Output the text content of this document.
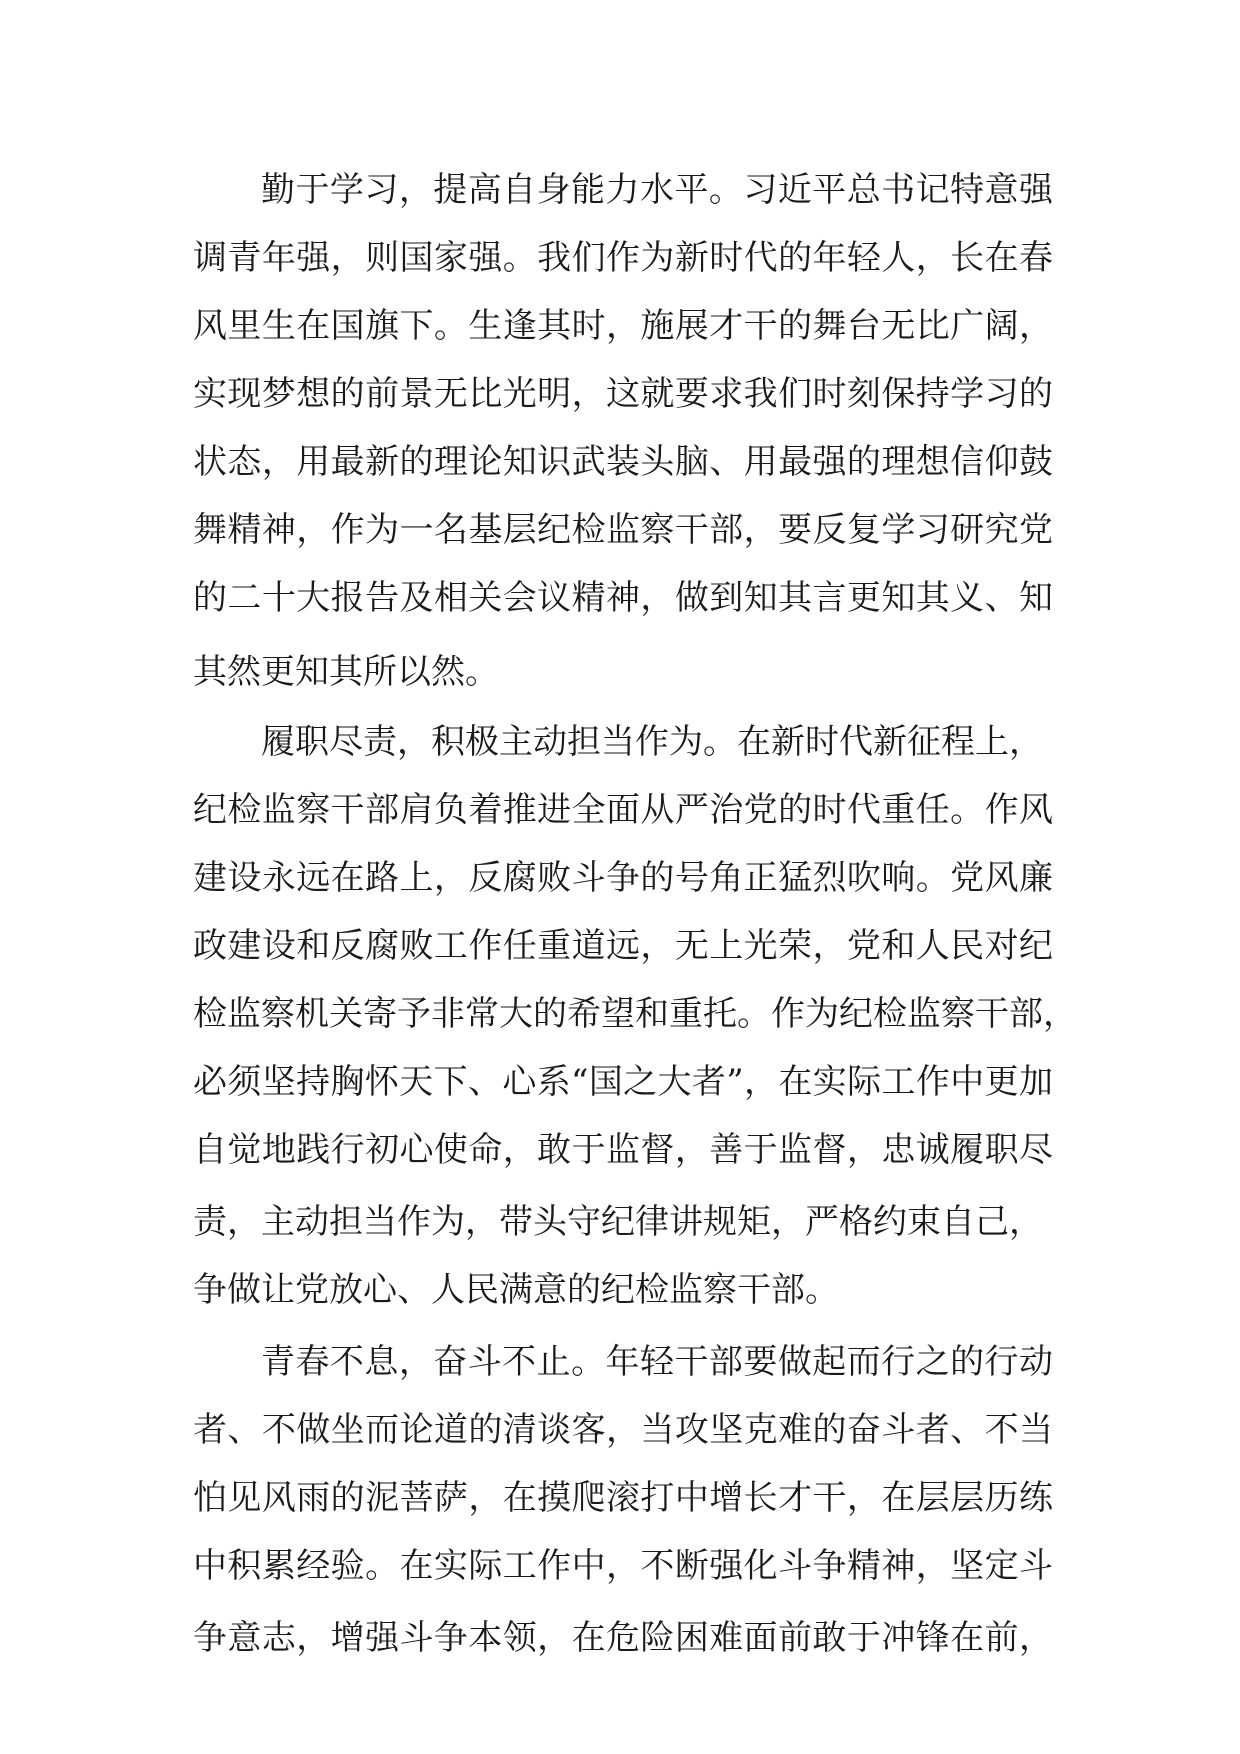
勤于学习，提高自身能力水平。习近平总书记特意强
调青年强，则国家强。我们作为新时代的年轻人，长在春
风里生在国旗下。生逢其时，施展才干的舞台无比广阔，
实现梦想的前景无比光明，这就要求我们时刻保持学习的
状态，用最新的理论知识武装头脑、用最强的理想信仰鼓
舞精神，作为一名基层纪检监察干部，要反复学习研究党
的二十大报告及相关会议精神，做到知其言更知其义、知
其然更知其所以然。
履职尽责，积极主动担当作为。在新时代新征程上，
纪检监察干部肩负着推进全面从严治党的时代重任。作风
建设永远在路上，反腐败斗争的号角正猛烈吹响。党风廉
政建设和反腐败工作任重道远，无上光荣，党和人民对纪
检监察机关寄予非常大的希望和重托。作为纪检监察干部，
必须坚持胸怀天下、心系“国之大者”，在实际工作中更加
自觉地践行初心使命，敢于监督，善于监督，忠诚履职尽
责，主动担当作为，带头守纪律讲规矩，严格约束自己，
争做让党放心、人民满意的纪检监察干部。
青春不息，奋斗不止。年轻干部要做起而行之的行动
者、不做坐而论道的清谈客，当攻坚克难的奋斗者、不当
怕见风雨的泥菩萨，在摸爬滚打中增长才干，在层层历练
中积累经验。在实际工作中，不断强化斗争精神，坚定斗
争意志，增强斗争本领，在危险困难面前敢于冲锋在前，
